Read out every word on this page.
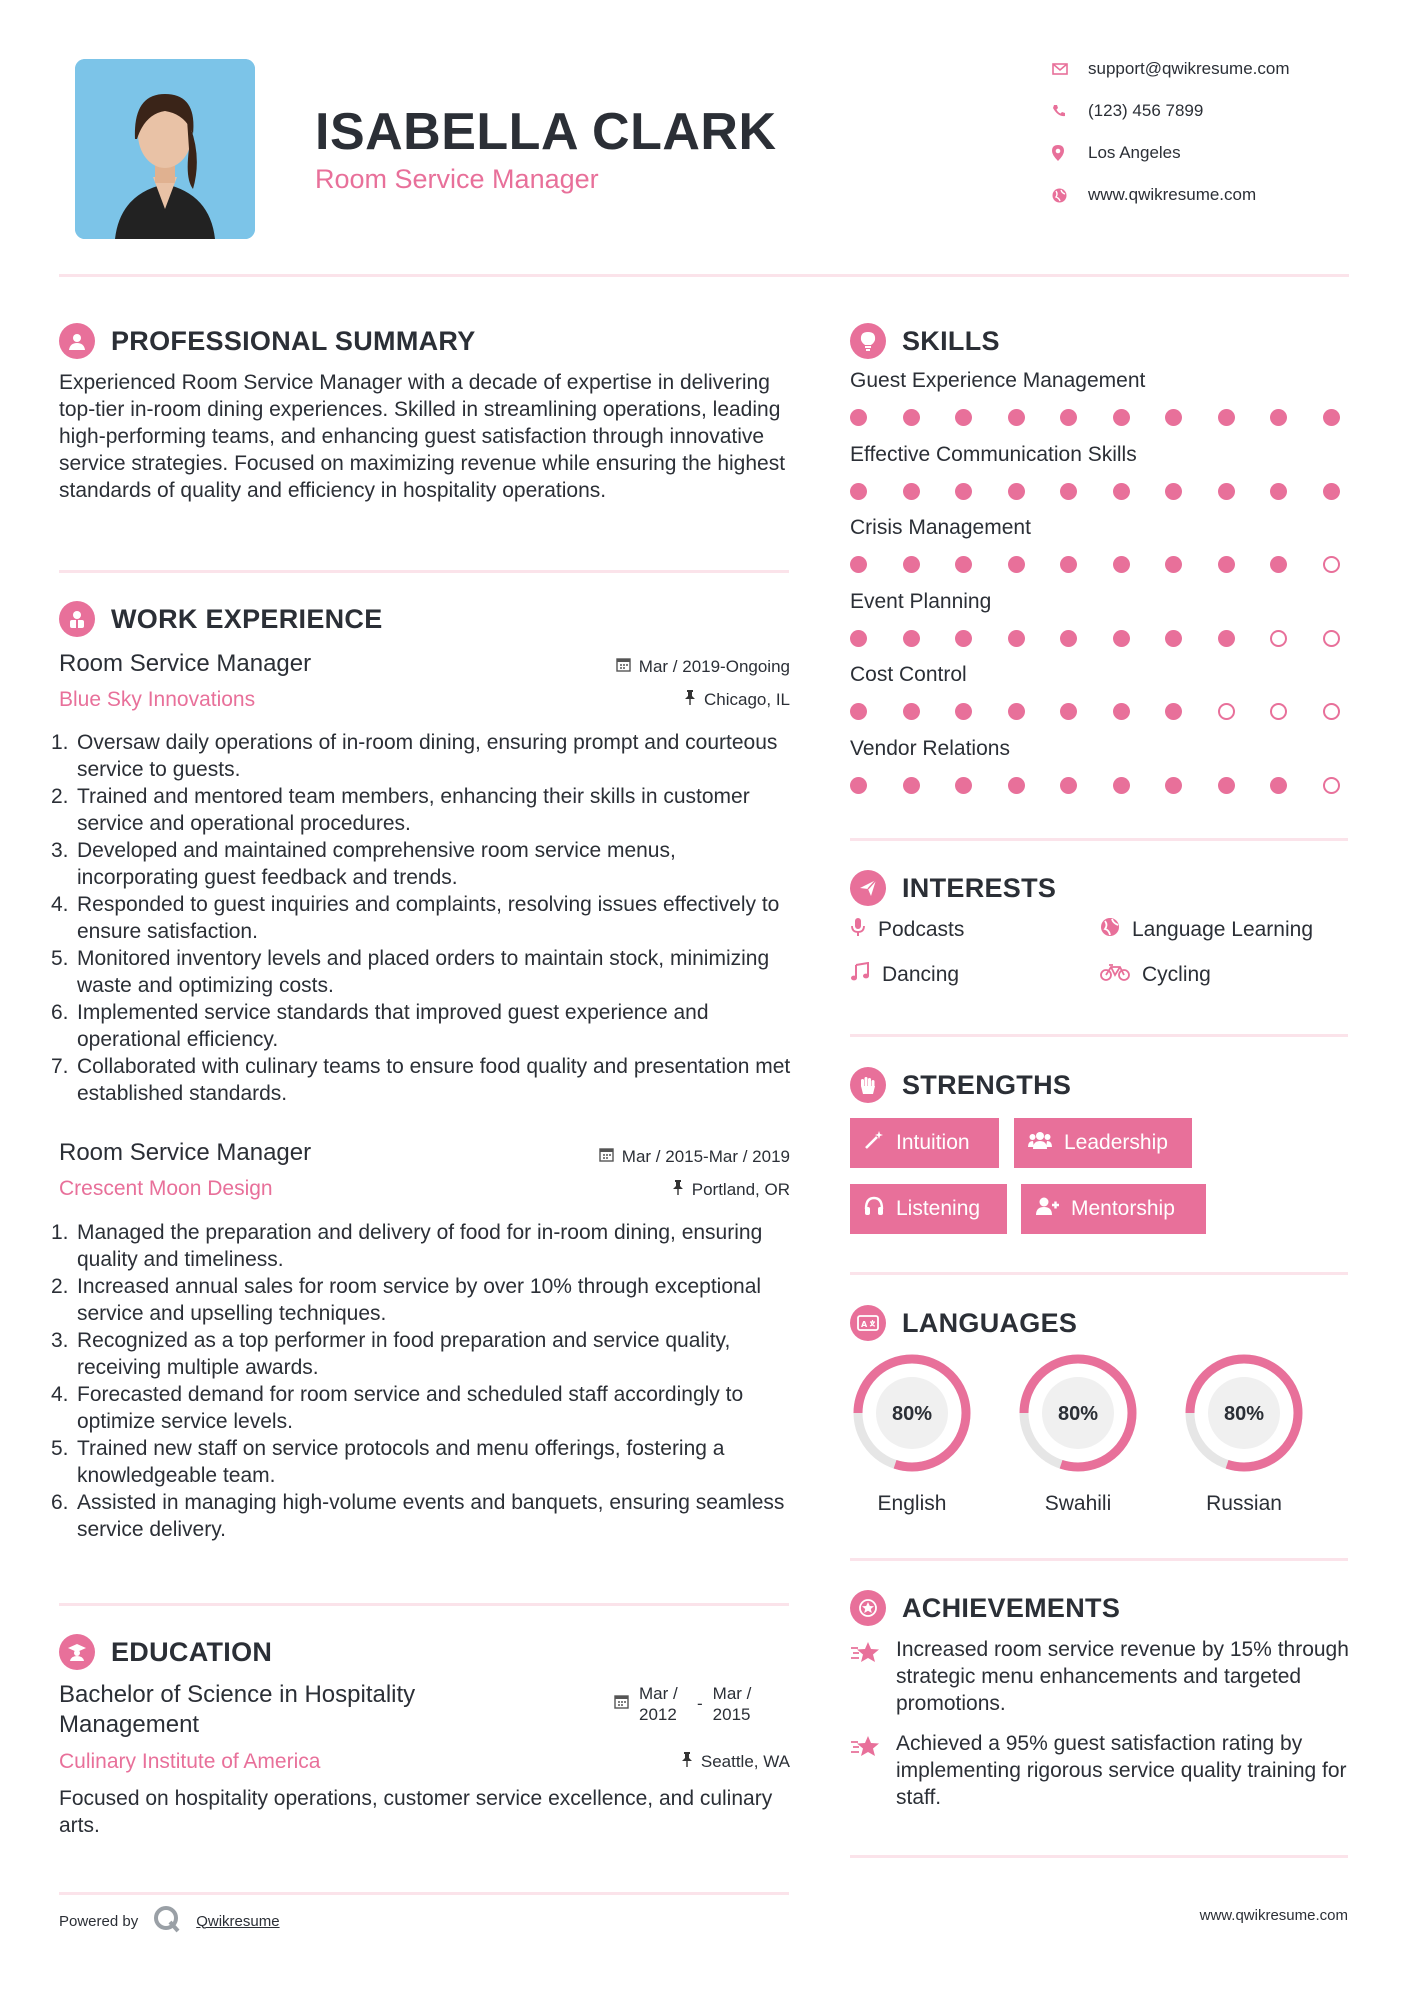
ISABELLA CLARK
Room Service Manager
support@qwikresume.com
(123) 456 7899
Los Angeles
www.qwikresume.com
PROFESSIONAL SUMMARY
Experienced Room Service Manager with a decade of expertise in delivering top-tier in-room dining experiences. Skilled in streamlining operations, leading high-performing teams, and enhancing guest satisfaction through innovative service strategies. Focused on maximizing revenue while ensuring the highest standards of quality and efficiency in hospitality operations.
WORK EXPERIENCE
Room Service Manager
Blue Sky Innovations
Mar / 2019-Ongoing
Chicago, IL
1. Oversaw daily operations of in-room dining, ensuring prompt and courteous service to guests.
2. Trained and mentored team members, enhancing their skills in customer service and operational procedures.
3. Developed and maintained comprehensive room service menus, incorporating guest feedback and trends.
4. Responded to guest inquiries and complaints, resolving issues effectively to ensure satisfaction.
5. Monitored inventory levels and placed orders to maintain stock, minimizing waste and optimizing costs.
6. Implemented service standards that improved guest experience and operational efficiency.
7. Collaborated with culinary teams to ensure food quality and presentation met established standards.
Room Service Manager
Crescent Moon Design
Mar / 2015-Mar / 2019
Portland, OR
1. Managed the preparation and delivery of food for in-room dining, ensuring quality and timeliness.
2. Increased annual sales for room service by over 10% through exceptional service and upselling techniques.
3. Recognized as a top performer in food preparation and service quality, receiving multiple awards.
4. Forecasted demand for room service and scheduled staff accordingly to optimize service levels.
5. Trained new staff on service protocols and menu offerings, fostering a knowledgeable team.
6. Assisted in managing high-volume events and banquets, ensuring seamless service delivery.
EDUCATION
Bachelor of Science in Hospitality Management
Culinary Institute of America
Mar / 2012
-
Mar / 2015
Seattle, WA
Focused on hospitality operations, customer service excellence, and culinary arts.
Powered by	Qwikresume	www.qwikresume.com
SKILLS
Guest Experience Management
Effective Communication Skills
Crisis Management
Event Planning
Cost Control
Vendor Relations
INTERESTS
Podcasts	Language Learning
Dancing	Cycling
STRENGTHS
Intuition	Leadership
Listening	Mentorship
A LANGUAGES
80%
English
80%
Swahili
80%
Russian
ACHIEVEMENTS
Increased room service revenue by 15% through strategic menu enhancements and targeted promotions.
Achieved a 95% guest satisfaction rating by implementing rigorous service quality training for staff.
